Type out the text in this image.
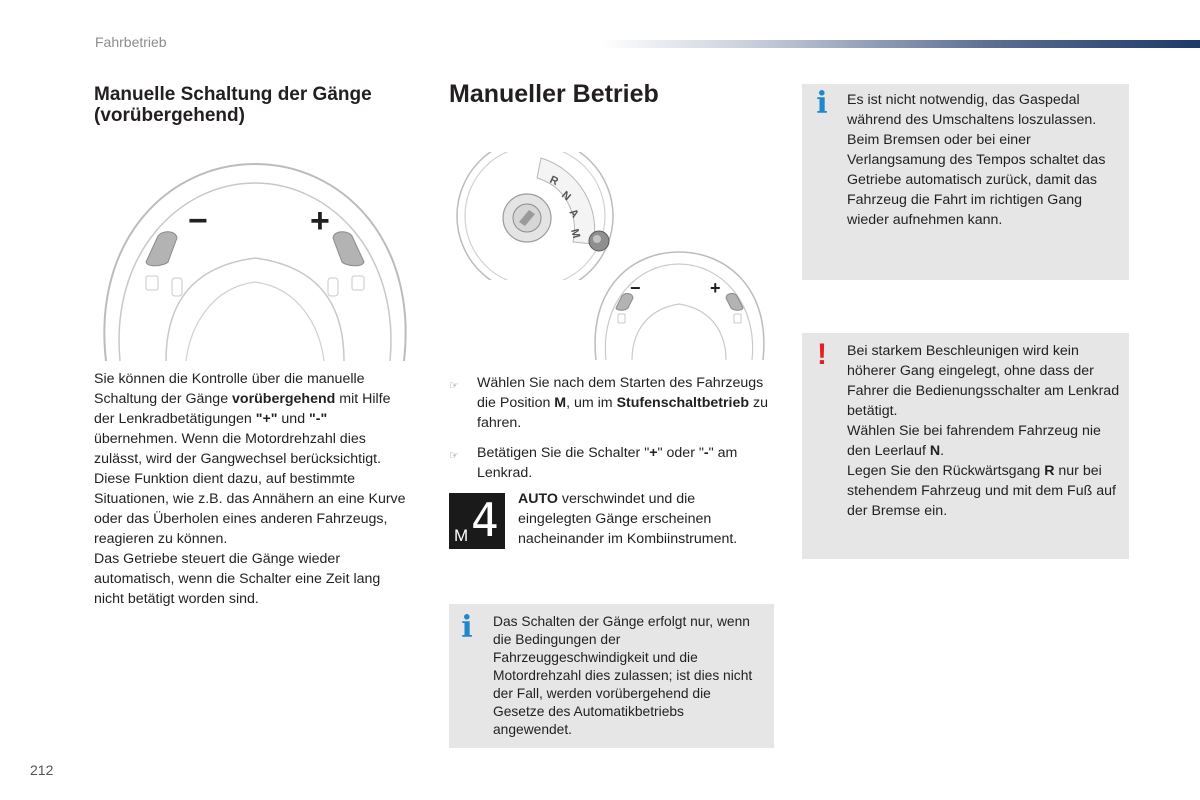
Fahrbetrieb
Manuelle Schaltung der Gänge (vorübergehend)
−	+
Sie können die Kontrolle über die manuelle Schaltung der Gänge vorübergehend mit Hilfe der Lenkradbetätigungen "+" und "-" übernehmen. Wenn die Motordrehzahl dies zulässt, wird der Gangwechsel berücksichtigt. Diese Funktion dient dazu, auf bestimmte Situationen, wie z.B. das Annähern an eine Kurve oder das Überholen eines anderen Fahrzeugs, reagieren zu können.
Das Getriebe steuert die Gänge wieder automatisch, wenn die Schalter eine Zeit lang nicht betätigt worden sind.
Manueller Betrieb
R
N
A
M
−	+
☞	Wählen Sie nach dem Starten des Fahrzeugs die Position M, um im Stufenschaltbetrieb zu fahren.
☞	Betätigen Sie die Schalter "+" oder "-" am Lenkrad.
M 4 AUTO verschwindet und die eingelegten Gänge erscheinen nacheinander im Kombiinstrument.
i Das Schalten der Gänge erfolgt nur, wenn die Bedingungen der Fahrzeuggeschwindigkeit und die Motordrehzahl dies zulassen; ist dies nicht der Fall, werden vorübergehend die Gesetze des Automatikbetriebs angewendet.
i Es ist nicht notwendig, das Gaspedal während des Umschaltens loszulassen. Beim Bremsen oder bei einer Verlangsamung des Tempos schaltet das Getriebe automatisch zurück, damit das Fahrzeug die Fahrt im richtigen Gang wieder aufnehmen kann.
! Bei starkem Beschleunigen wird kein höherer Gang eingelegt, ohne dass der Fahrer die Bedienungsschalter am Lenkrad betätigt.
Wählen Sie bei fahrendem Fahrzeug nie den Leerlauf N.
Legen Sie den Rückwärtsgang R nur bei stehendem Fahrzeug und mit dem Fuß auf der Bremse ein.
212
